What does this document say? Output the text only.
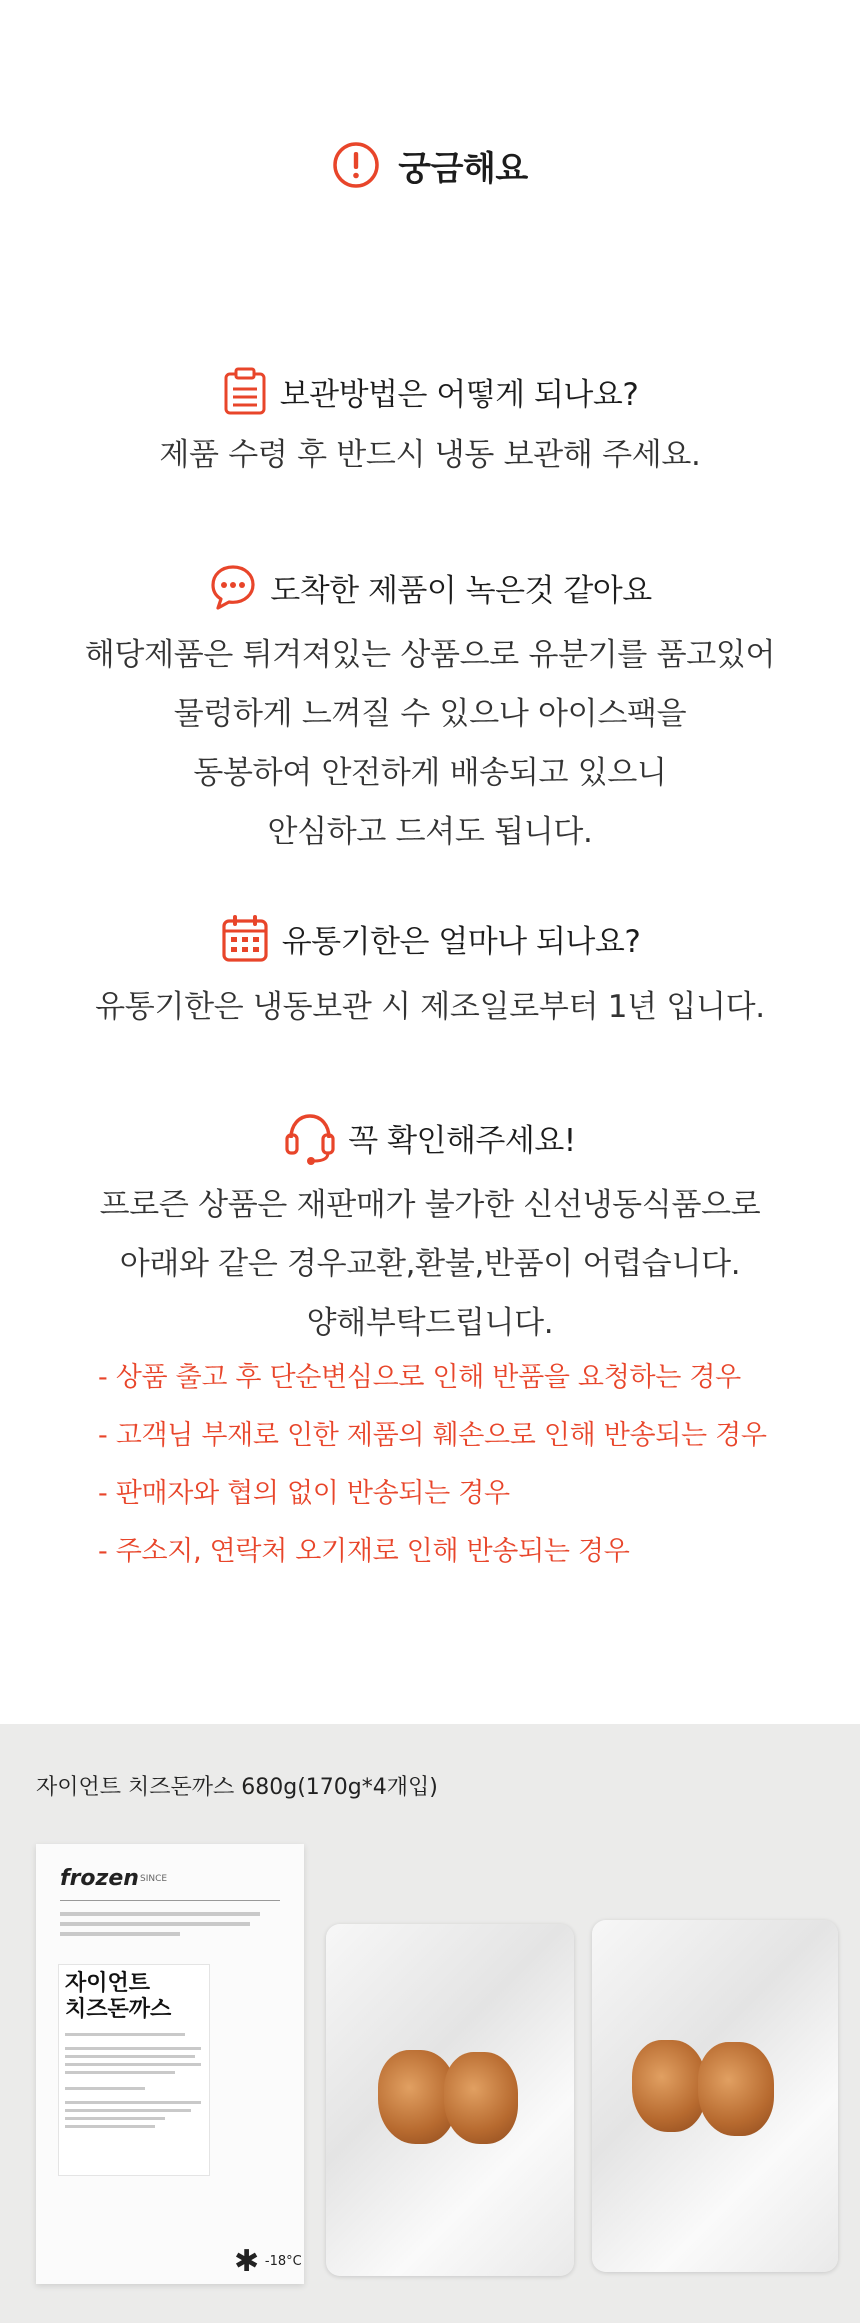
궁금해요
보관방법은 어떻게 되나요?
제품 수령 후 반드시 냉동 보관해 주세요.
도착한 제품이 녹은것 같아요
해당제품은 튀겨져있는 상품으로 유분기를 품고있어
물렁하게 느껴질 수 있으나 아이스팩을
동봉하여 안전하게 배송되고 있으니
안심하고 드셔도 됩니다.
유통기한은 얼마나 되나요?
유통기한은 냉동보관 시 제조일로부터 1년 입니다.
꼭 확인해주세요!
프로즌 상품은 재판매가 불가한 신선냉동식품으로
아래와 같은 경우교환,환불,반품이 어렵습니다.
양해부탁드립니다.
- 상품 출고 후 단순변심으로 인해 반품을 요청하는 경우
- 고객님 부재로 인한 제품의 훼손으로 인해 반송되는 경우
- 판매자와 협의 없이 반송되는 경우
- 주소지, 연락처 오기재로 인해 반송되는 경우
자이언트 치즈돈까스 680g(170g*4개입)
frozen SINCE
자이언트
치즈돈까스
✱ -18°C
